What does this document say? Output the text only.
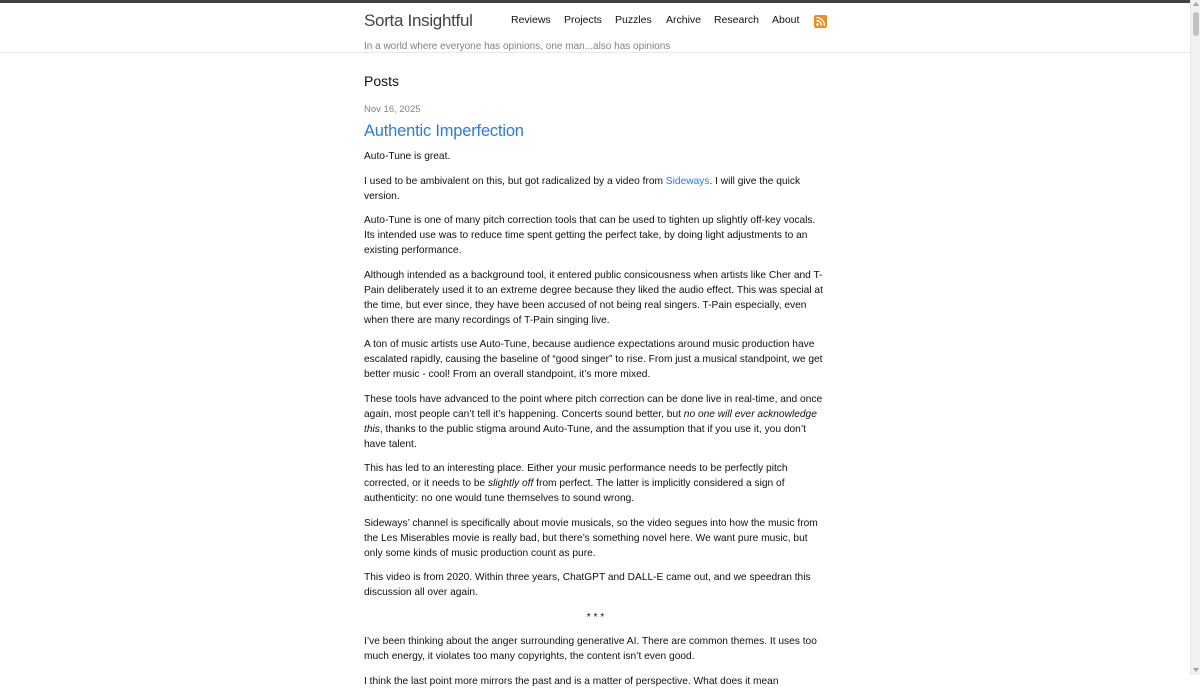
Sorta Insightful	Reviews Projects Puzzles Archive Research About
In a world where everyone has opinions, one man...also has opinions
Posts
Nov 16, 2025
Authentic Imperfection

Auto-Tune is great.

I used to be ambivalent on this, but got radicalized by a video from Sideways. I will give the quick version.

Auto-Tune is one of many pitch correction tools that can be used to tighten up slightly off-key vocals. Its intended use was to reduce time spent getting the perfect take, by doing light adjustments to an existing performance.

Although intended as a background tool, it entered public consicousness when artists like Cher and T-Pain deliberately used it to an extreme degree because they liked the audio effect. This was special at the time, but ever since, they have been accused of not being real singers. T-Pain especially, even when there are many recordings of T-Pain singing live.

A ton of music artists use Auto-Tune, because audience expectations around music production have escalated rapidly, causing the baseline of “good singer” to rise. From just a musical standpoint, we get better music - cool! From an overall standpoint, it’s more mixed.

These tools have advanced to the point where pitch correction can be done live in real-time, and once again, most people can’t tell it’s happening. Concerts sound better, but no one will ever acknowledge this, thanks to the public stigma around Auto-Tune, and the assumption that if you use it, you don’t have talent.

This has led to an interesting place. Either your music performance needs to be perfectly pitch corrected, or it needs to be slightly off from perfect. The latter is implicitly considered a sign of authenticity: no one would tune themselves to sound wrong.

Sideways’ channel is specifically about movie musicals, so the video segues into how the music from the Les Miserables movie is really bad, but there’s something novel here. We want pure music, but only some kinds of music production count as pure.

This video is from 2020. Within three years, ChatGPT and DALL-E came out, and we speedran this discussion all over again.

* * *

I’ve been thinking about the anger surrounding generative AI. There are common themes. It uses too much energy, it violates too many copyrights, the content isn’t even good.

I think the last point more mirrors the past and is a matter of perspective. What does it mean
